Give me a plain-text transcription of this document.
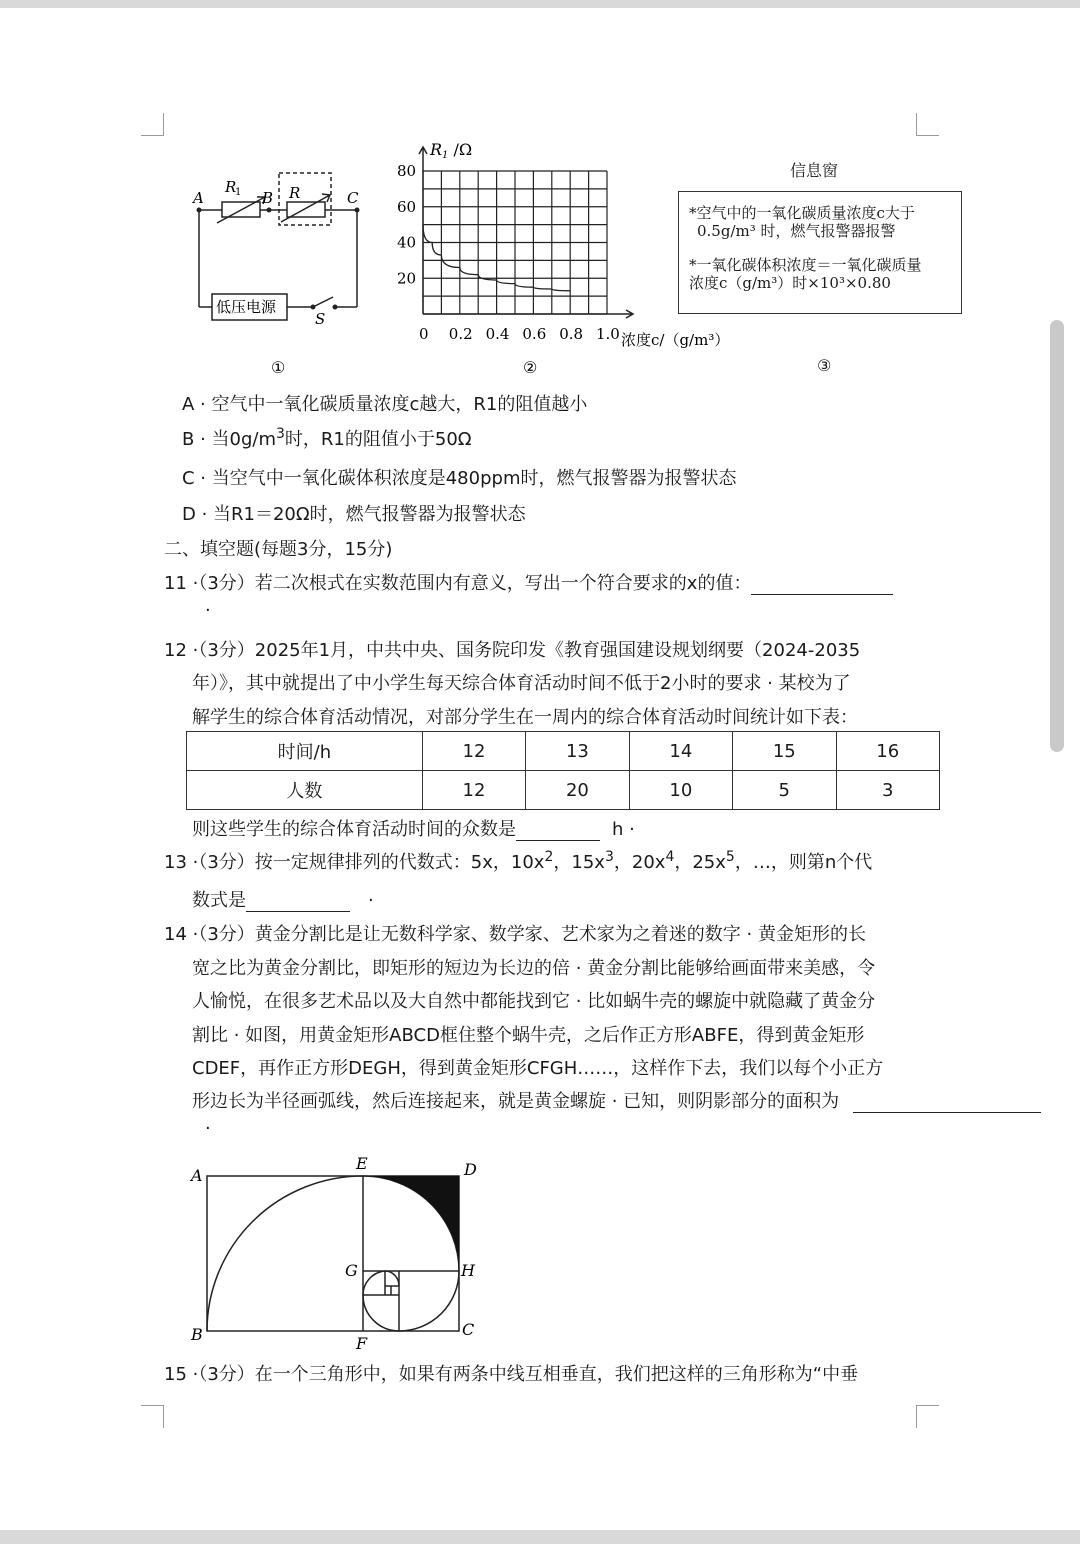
A
R
1 B R	C
低压电源
S
①
0 0.2 0.4 0.6 0.8 1.0
20
40
60
80
R1 /Ω
浓度c/（g/m³）
②
信息窗
*空气中的一氧化碳质量浓度c大于
0.5g/m³ 时，燃气报警器报警
*一氧化碳体积浓度＝一氧化碳质量
浓度c（g/m³）时×10³×0.80
③
A · 空气中一氧化碳质量浓度c越大，R1的阻值越小
B · 当$0g/m^3$时，R1的阻值小于50Ω
C · 当空气中一氧化碳体积浓度是480ppm时，燃气报警器为报警状态
D · 当R1＝20Ω时，燃气报警器为报警状态
二、填空题(每题3分，15分)
11 ·（3分）若二次根式在实数范围内有意义，写出一个符合要求的x的值：
·
12 ·（3分）2025年1月，中共中央、国务院印发《教育强国建设规划纲要（2024-2035
年）》，其中就提出了中小学生每天综合体育活动时间不低于2小时的要求 · 某校为了
解学生的综合体育活动情况，对部分学生在一周内的综合体育活动时间统计如下表：
时间/h	12	13	14	15	16
人数	12	20	10	5	3
则这些学生的综合体育活动时间的众数是	h ·
13 ·（3分）按一定规律排列的代数式：5x，$10x^2$，$15x^3$，$20x^4$，$25x^5$，…，则第n个代
数式是	·
14 ·（3分）黄金分割比是让无数科学家、数学家、艺术家为之着迷的数字 · 黄金矩形的长
宽之比为黄金分割比，即矩形的短边为长边的倍 · 黄金分割比能够给画面带来美感，令
人愉悦，在很多艺术品以及大自然中都能找到它 · 比如蜗牛壳的螺旋中就隐藏了黄金分
割比 · 如图，用黄金矩形ABCD框住整个蜗牛壳，之后作正方形ABFE，得到黄金矩形
CDEF，再作正方形DEGH，得到黄金矩形CFGH……，这样作下去，我们以每个小正方
形边长为半径画弧线，然后连接起来，就是黄金螺旋 · 已知，则阴影部分的面积为
·
A
E	D
G	H
B	F
C
15 ·（3分）在一个三角形中，如果有两条中线互相垂直，我们把这样的三角形称为“中垂
